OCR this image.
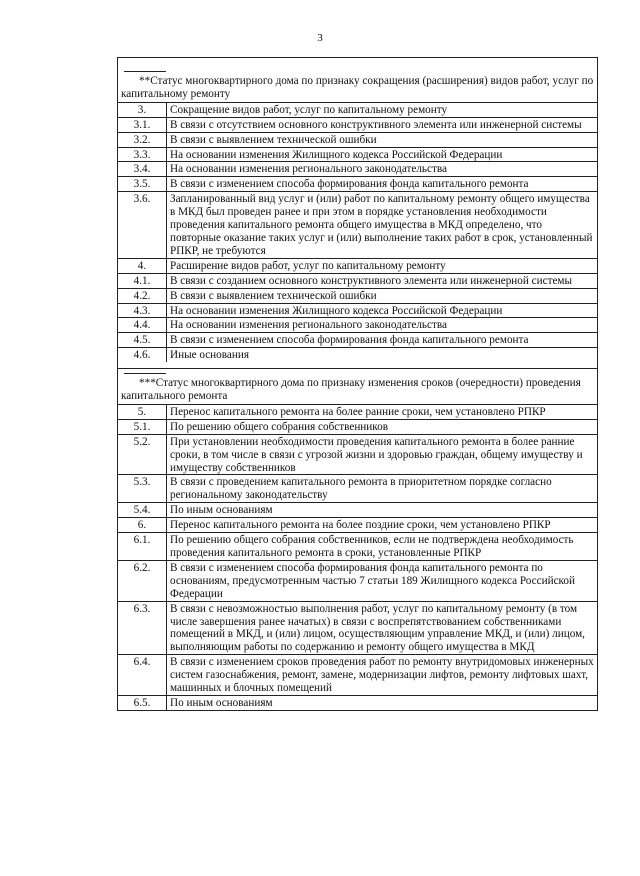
3
**Статус многоквартирного дома по признаку сокращения (расширения) видов работ, услуг по капитальному ремонту
3.	Сокращение видов работ, услуг по капитальному ремонту
3.1.	В связи с отсутствием основного конструктивного элемента или инженерной системы
3.2.	В связи с выявлением технической ошибки
3.3.	На основании изменения Жилищного кодекса Российской Федерации
3.4.	На основании изменения регионального законодательства
3.5.	В связи с изменением способа формирования фонда капитального ремонта
3.6.	Запланированный вид услуг и (или) работ по капитальному ремонту общего имущества в МКД был проведен ранее и при этом в порядке установления необходимости проведения капитального ремонта общего имущества в МКД определено, что повторные оказание таких услуг и (или) выполнение таких работ в срок, установленный РПКР, не требуются
4.	Расширение видов работ, услуг по капитальному ремонту
4.1.	В связи с созданием основного конструктивного элемента или инженерной системы
4.2.	В связи с выявлением технической ошибки
4.3.	На основании изменения Жилищного кодекса Российской Федерации
4.4.	На основании изменения регионального законодательства
4.5.	В связи с изменением способа формирования фонда капитального ремонта
4.6.	Иные основания
***Статус многоквартирного дома по признаку изменения сроков (очередности) проведения капитального ремонта
5.	Перенос капитального ремонта на более ранние сроки, чем установлено РПКР
5.1.	По решению общего собрания собственников
5.2.	При установлении необходимости проведения капитального ремонта в более ранние сроки, в том числе в связи с угрозой жизни и здоровью граждан, общему имуществу и имуществу собственников
5.3.	В связи с проведением капитального ремонта в приоритетном порядке согласно региональному законодательству
5.4.	По иным основаниям
6.	Перенос капитального ремонта на более поздние сроки, чем установлено РПКР
6.1.	По решению общего собрания собственников, если не подтверждена необходимость проведения капитального ремонта в сроки, установленные РПКР
6.2.	В связи с изменением способа формирования фонда капитального ремонта по основаниям, предусмотренным частью 7 статьи 189 Жилищного кодекса Российской Федерации
6.3.	В связи с невозможностью выполнения работ, услуг по капитальному ремонту (в том числе завершения ранее начатых) в связи с воспрепятствованием собственниками помещений в МКД, и (или) лицом, осуществляющим управление МКД, и (или) лицом, выполняющим работы по содержанию и ремонту общего имущества в МКД
6.4.	В связи с изменением сроков проведения работ по ремонту внутридомовых инженерных систем газоснабжения, ремонт, замене, модернизации лифтов, ремонту лифтовых шахт, машинных и блочных помещений
6.5.	По иным основаниям
